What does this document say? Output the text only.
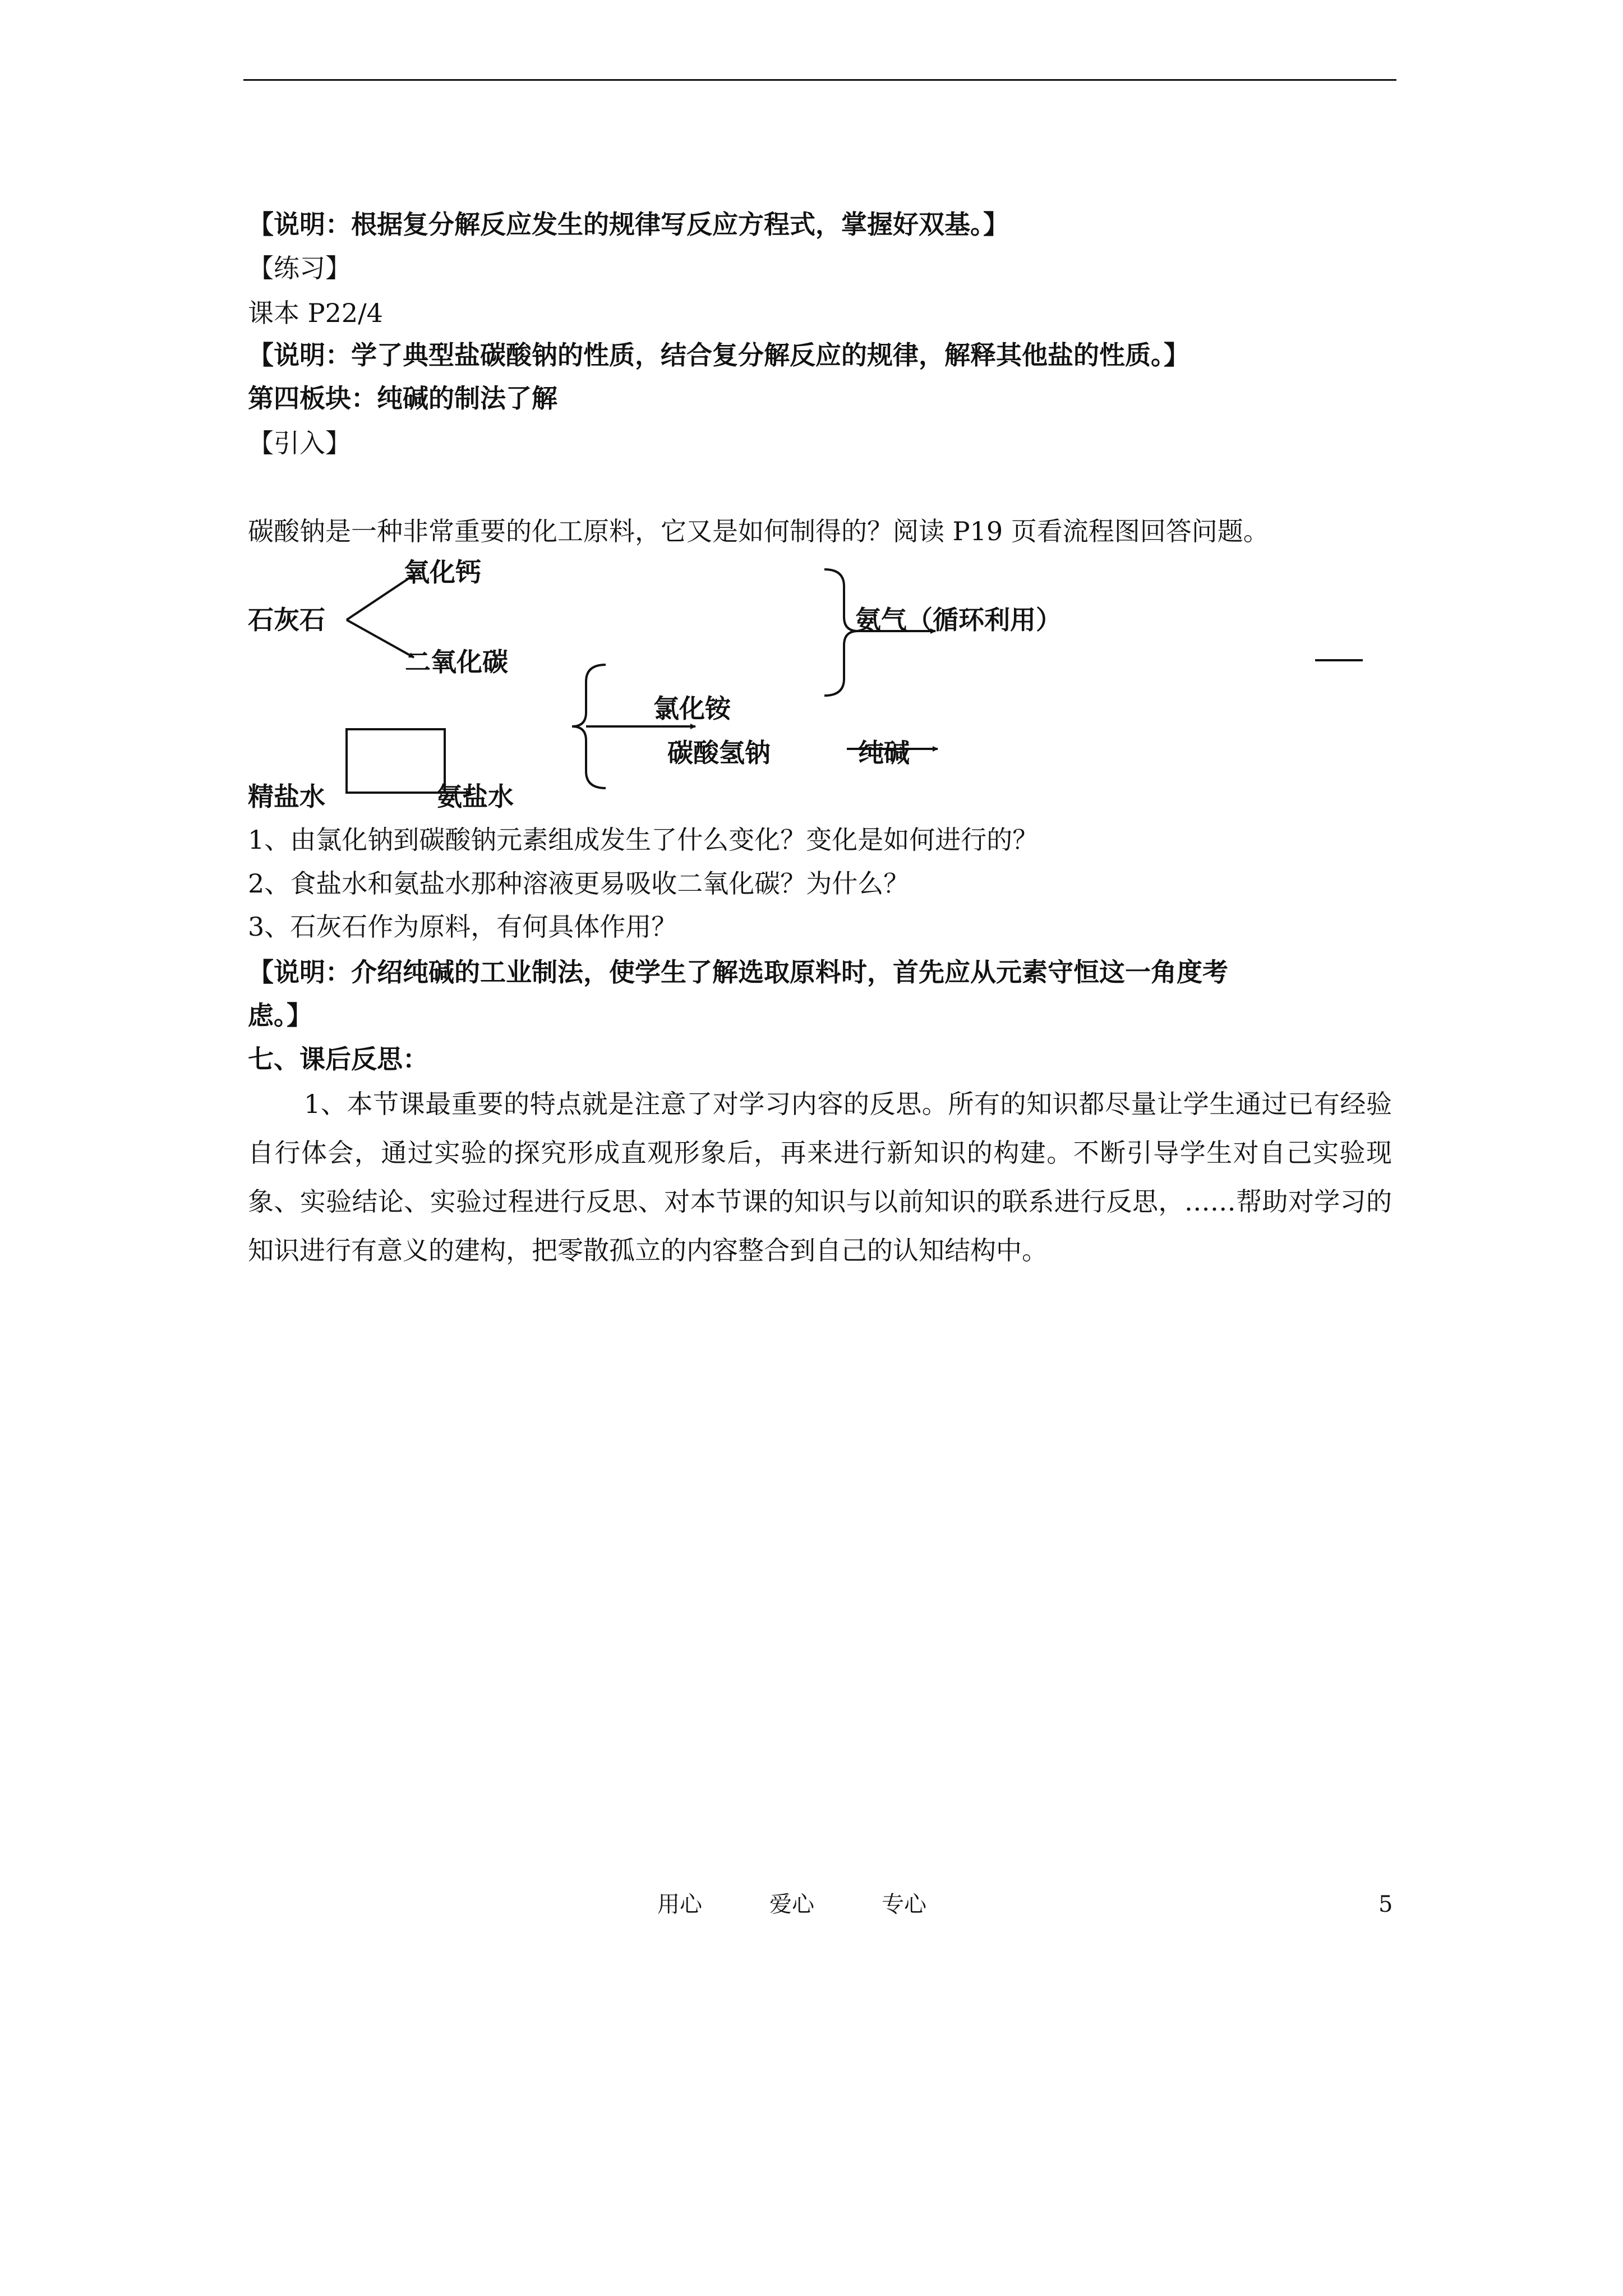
【说明：根据复分解反应发生的规律写反应方程式，掌握好双基。】
【练习】
课本 P22/4
【说明：学了典型盐碳酸钠的性质，结合复分解反应的规律，解释其他盐的性质。】
第四板块：纯碱的制法了解
【引入】
碳酸钠是一种非常重要的化工原料，它又是如何制得的？阅读 P19 页看流程图回答问题。
氧化钙
石灰石
二氧化碳
氨气（循环利用）
氯化铵
碳酸氢钠	纯碱
精盐水	氨盐水
1、由氯化钠到碳酸钠元素组成发生了什么变化？变化是如何进行的？
2、食盐水和氨盐水那种溶液更易吸收二氧化碳？为什么？
3、石灰石作为原料，有何具体作用？
【说明：介绍纯碱的工业制法，使学生了解选取原料时，首先应从元素守恒这一角度考
虑。】
七、课后反思：
1、本节课最重要的特点就是注意了对学习内容的反思。所有的知识都尽量让学生通过已有经验自行体会，通过实验的探究形成直观形象后，再来进行新知识的构建。不断引导学生对自己实验现象、实验结论、实验过程进行反思、对本节课的知识与以前知识的联系进行反思，……帮助对学习的知识进行有意义的建构，把零散孤立的内容整合到自己的认知结构中。
用心	爱心	专心	5
